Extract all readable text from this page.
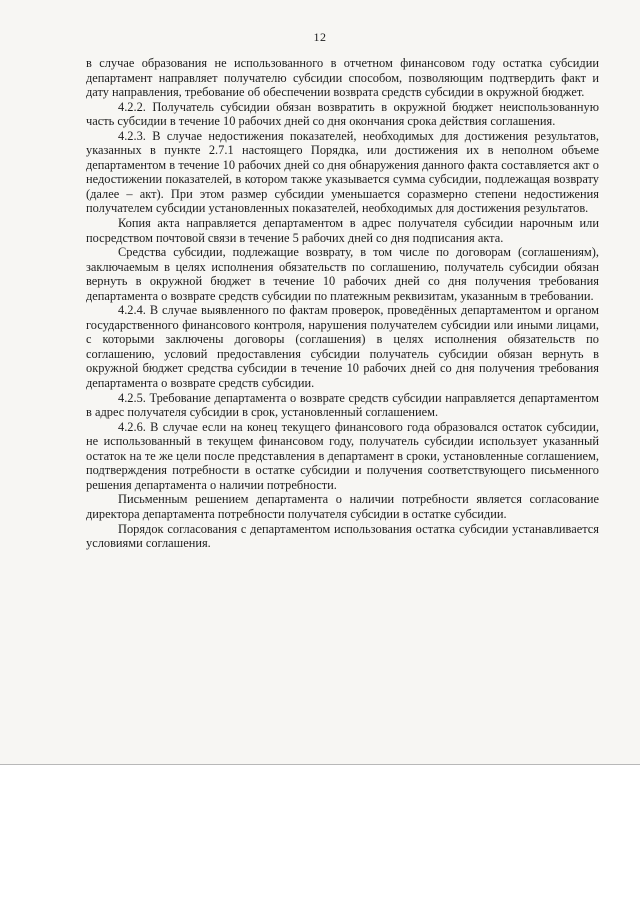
12

в случае образования не использованного в отчетном финансовом году остатка субсидии департамент направляет получателю субсидии способом, позволяющим подтвердить факт и дату направления, требование об обеспечении возврата средств субсидии в окружной бюджет.

4.2.2. Получатель субсидии обязан возвратить в окружной бюджет неиспользованную часть субсидии в течение 10 рабочих дней со дня окончания срока действия соглашения.

4.2.3. В случае недостижения показателей, необходимых для достижения результатов, указанных в пункте 2.7.1 настоящего Порядка, или достижения их в неполном объеме департаментом в течение 10 рабочих дней со дня обнаружения данного факта составляется акт о недостижении показателей, в котором также указывается сумма субсидии, подлежащая возврату (далее – акт). При этом размер субсидии уменьшается соразмерно степени недостижения получателем субсидии установленных показателей, необходимых для достижения результатов.

Копия акта направляется департаментом в адрес получателя субсидии нарочным или посредством почтовой связи в течение 5 рабочих дней со дня подписания акта.

Средства субсидии, подлежащие возврату, в том числе по договорам (соглашениям), заключаемым в целях исполнения обязательств по соглашению, получатель субсидии обязан вернуть в окружной бюджет в течение 10 рабочих дней со дня получения требования департамента о возврате средств субсидии по платежным реквизитам, указанным в требовании.

4.2.4. В случае выявленного по фактам проверок, проведённых департаментом и органом государственного финансового контроля, нарушения получателем субсидии или иными лицами, с которыми заключены договоры (соглашения) в целях исполнения обязательств по соглашению, условий предоставления субсидии получатель субсидии обязан вернуть в окружной бюджет средства субсидии в течение 10 рабочих дней со дня получения требования департамента о возврате средств субсидии.

4.2.5. Требование департамента о возврате средств субсидии направляется департаментом в адрес получателя субсидии в срок, установленный соглашением.

4.2.6. В случае если на конец текущего финансового года образовался остаток субсидии, не использованный в текущем финансовом году, получатель субсидии использует указанный остаток на те же цели после представления в департамент в сроки, установленные соглашением, подтверждения потребности в остатке субсидии и получения соответствующего письменного решения департамента о наличии потребности.

Письменным решением департамента о наличии потребности является согласование директора департамента потребности получателя субсидии в остатке субсидии.

Порядок согласования с департаментом использования остатка субсидии устанавливается условиями соглашения.
